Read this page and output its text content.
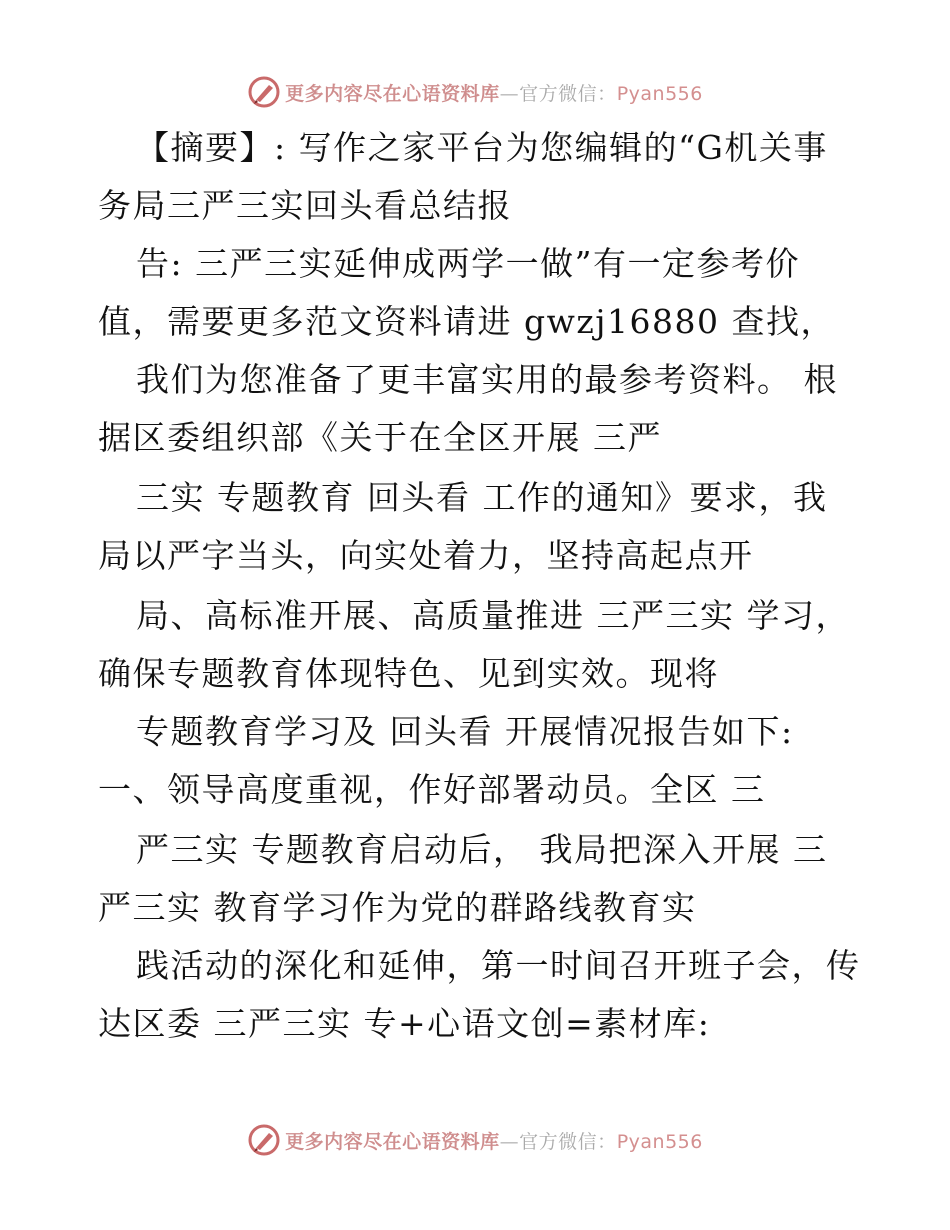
更多内容尽在心语资料库—官方微信：Pyan556
【摘要】: 写作之家平台为您编辑的“G机关事
务局三严三实回头看总结报
告: 三严三实延伸成两学一做”有一定参考价
值，需要更多范文资料请进 gwzj16880 查找，
我们为您准备了更丰富实用的最参考资料。 根
据区委组织部《关于在全区开展 三严
三实 专题教育 回头看 工作的通知》要求，我
局以严字当头，向实处着力，坚持高起点开
局、高标准开展、高质量推进 三严三实 学习，
确保专题教育体现特色、见到实效。现将
专题教育学习及 回头看 开展情况报告如下:
一、领导高度重视，作好部署动员。全区 三
严三实 专题教育启动后， 我局把深入开展 三
严三实 教育学习作为党的群路线教育实
践活动的深化和延伸，第一时间召开班子会，传
达区委 三严三实 专+心语文创=素材库:
更多内容尽在心语资料库—官方微信：Pyan556
